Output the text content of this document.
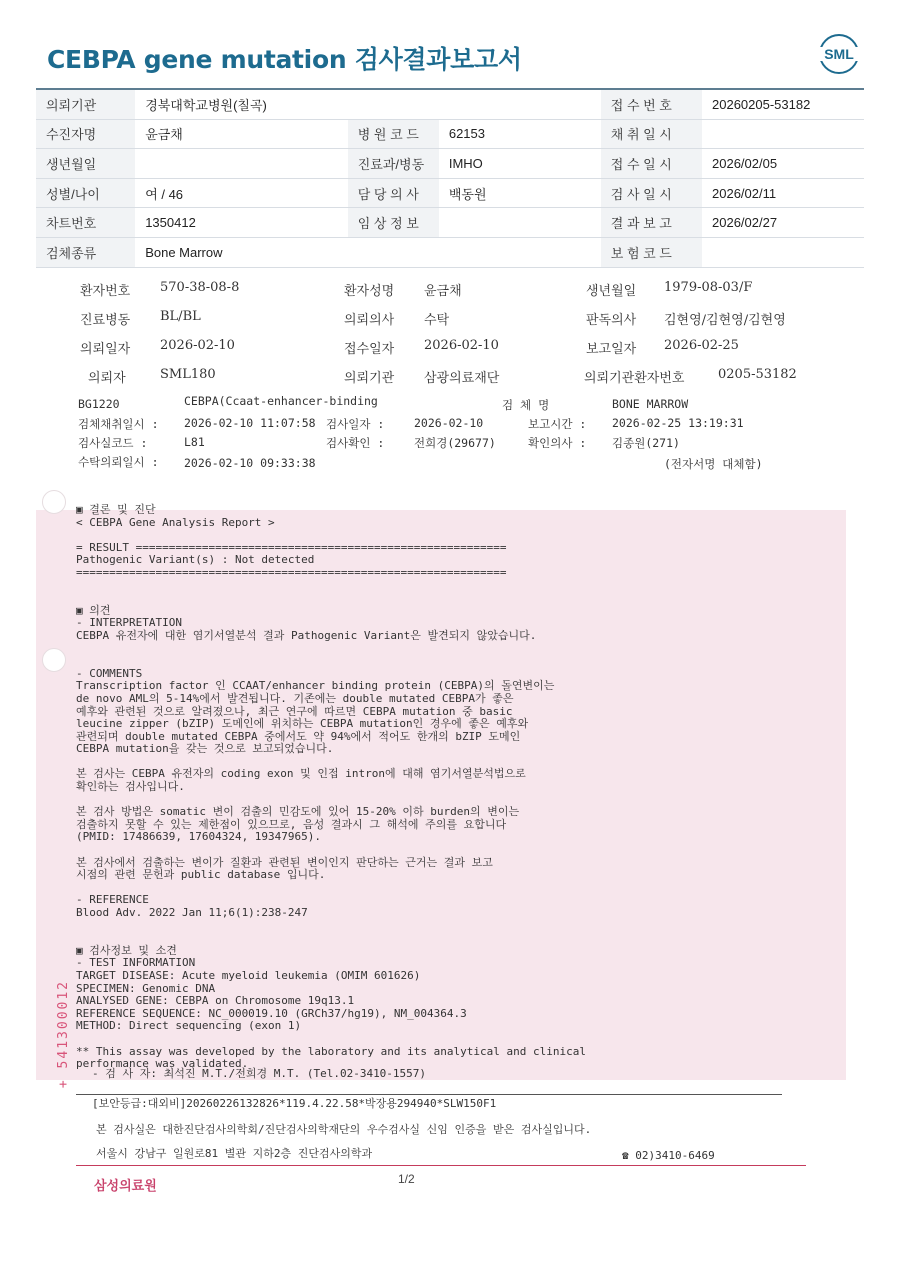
CEBPA gene mutation 검사결과보고서	SML
의뢰기관	경북대학교병원(칠곡)			접 수 번 호	20260205-53182
수진자명	윤금채	병 원 코 드	62153	채 취 일 시	
생년월일		진료과/병동	IMHO	접 수 일 시	2026/02/05
성별/나이	여 / 46	담 당 의 사	백동원	검 사 일 시	2026/02/11
차트번호	1350412	임 상 정 보		결 과 보 고	2026/02/27
검체종류	Bone Marrow			보 험 코 드	
환자번호 570-38-08-8	환자성명 윤금채	생년월일 1979-08-03/F
진료병동 BL/BL	의뢰의사 수탁	판독의사 김현영/김현영/김현영
의뢰일자 2026-02-10	접수일자 2026-02-10	보고일자 2026-02-25
의뢰자	SML180	의뢰기관 삼광의료재단	의뢰기관환자번호	0205-53182
BG1220	CEBPA(Ccaat-enhancer-binding	검 체 명	BONE MARROW
검체채취일시 : 2026-02-10 11:07:58 검사일자 :	2026-02-10	보고시간 : 2026-02-25 13:19:31
검사실코드 :	L81	검사확인 :	전희경(29677)	확인의사 : 김종원(271)
수탁의뢰일시 : 2026-02-10 09:33:38	(전자서명 대체함)
▣ 결론 및 진단
< CEBPA Gene Analysis Report >
= RESULT ========================================================
Pathogenic Variant(s) : Not detected
=================================================================
▣ 의견
- INTERPRETATION
CEBPA 유전자에 대한 염기서열분석 결과 Pathogenic Variant은 발견되지 않았습니다.
- COMMENTS
Transcription factor 인 CCAAT/enhancer binding protein (CEBPA)의 돌연변이는
de novo AML의 5-14%에서 발견됩니다. 기존에는 double mutated CEBPA가 좋은
예후와 관련된 것으로 알려졌으나, 최근 연구에 따르면 CEBPA mutation 중 basic
leucine zipper (bZIP) 도메인에 위치하는 CEBPA mutation인 경우에 좋은 예후와
관련되며 double mutated CEBPA 중에서도 약 94%에서 적어도 한개의 bZIP 도메인
CEBPA mutation을 갖는 것으로 보고되었습니다.
본 검사는 CEBPA 유전자의 coding exon 및 인접 intron에 대해 염기서열분석법으로
확인하는 검사입니다.
본 검사 방법은 somatic 변이 검출의 민감도에 있어 15-20% 이하 burden의 변이는
검출하지 못할 수 있는 제한점이 있으므로, 음성 결과시 그 해석에 주의를 요합니다
(PMID: 17486639, 17604324, 19347965).
본 검사에서 검출하는 변이가 질환과 관련된 변이인지 판단하는 근거는 결과 보고
시점의 관련 문헌과 public database 입니다.
- REFERENCE
Blood Adv. 2022 Jan 11;6(1):238-247
▣ 검사정보 및 소견
- TEST INFORMATION
TARGET DISEASE: Acute myeloid leukemia (OMIM 601626)
SPECIMEN: Genomic DNA
ANALYSED GENE: CEBPA on Chromosome 19q13.1
REFERENCE SEQUENCE: NC_000019.10 (GRCh37/hg19), NM_004364.3
METHOD: Direct sequencing (exon 1)
** This assay was developed by the laboratory and its analytical and clinical
performance was validated.
- 검 사 자: 최석진 M.T./전희경 M.T. (Tel.02-3410-1557)
[보안등급:대외비]20260226132826*119.4.22.58*박장용294940*SLW150F1
본 검사실은 대한진단검사의학회/진단검사의학재단의 우수검사실 신임 인증을 받은 검사실입니다.
서울시 강남구 일원로81 별관 지하2층 진단검사의학과	☎ 02)3410-6469
+ 541300012
삼성의료원	1/2
